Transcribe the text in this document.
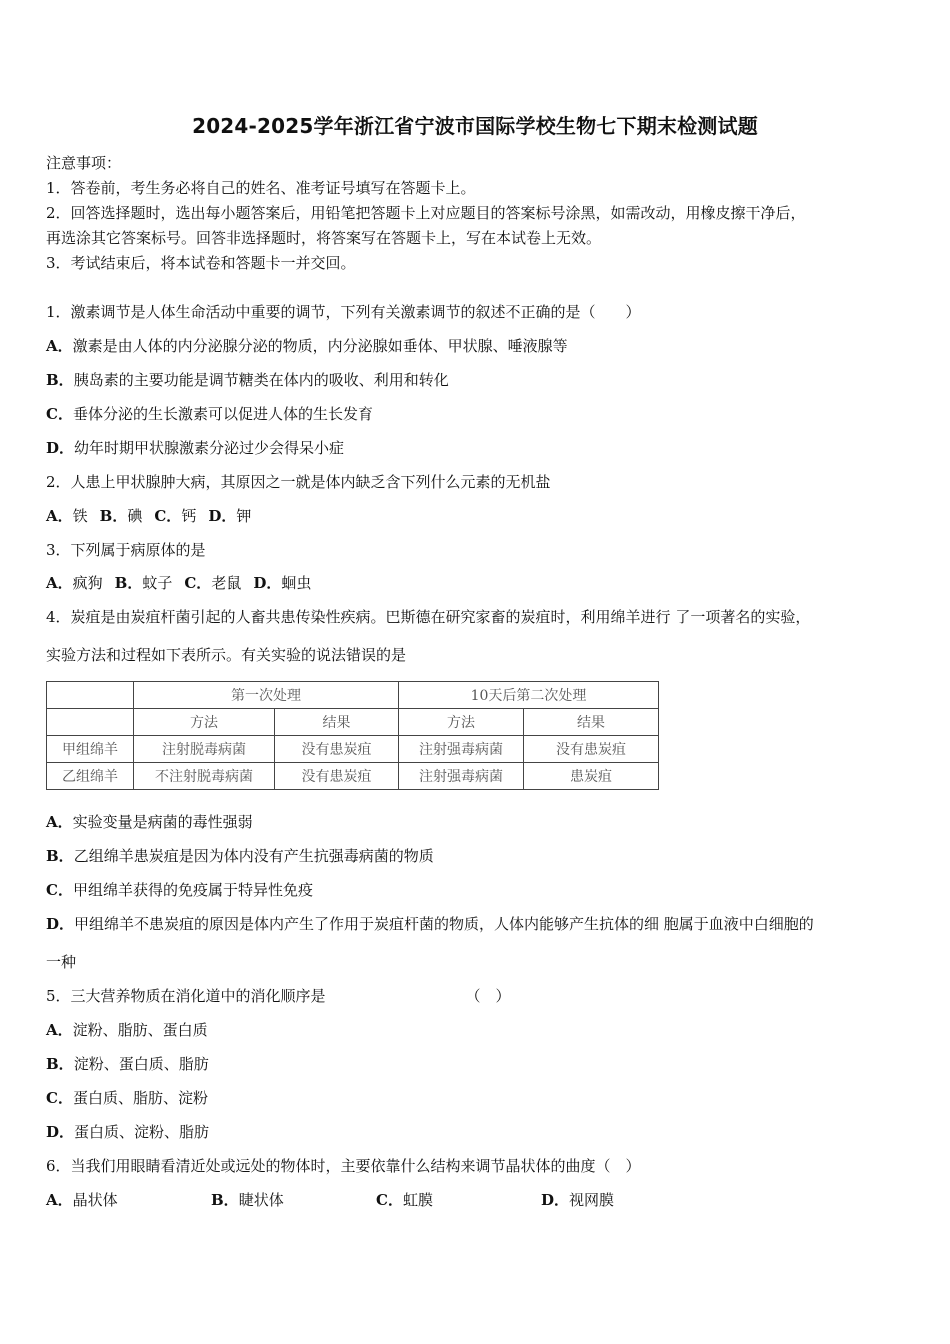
2024-2025学年浙江省宁波市国际学校生物七下期末检测试题
注意事项：
1．答卷前，考生务必将自己的姓名、准考证号填写在答题卡上。
2．回答选择题时，选出每小题答案后，用铅笔把答题卡上对应题目的答案标号涂黑，如需改动，用橡皮擦干净后，
再选涂其它答案标号。回答非选择题时，将答案写在答题卡上，写在本试卷上无效。
3．考试结束后，将本试卷和答题卡一并交回。
1．激素调节是人体生命活动中重要的调节，下列有关激素调节的叙述不正确的是（　　）
A．激素是由人体的内分泌腺分泌的物质，内分泌腺如垂体、甲状腺、唾液腺等
B．胰岛素的主要功能是调节糖类在体内的吸收、利用和转化
C．垂体分泌的生长激素可以促进人体的生长发育
D．幼年时期甲状腺激素分泌过少会得呆小症
2．人患上甲状腺肿大病，其原因之一就是体内缺乏含下列什么元素的无机盐
A．铁 B．碘 C．钙 D．钾
3．下列属于病原体的是
A．疯狗 B．蚊子 C．老鼠 D．蛔虫
4．炭疽是由炭疽杆菌引起的人畜共患传染性疾病。巴斯德在研究家畜的炭疽时，利用绵羊进行 了一项著名的实验，
实验方法和过程如下表所示。有关实验的说法错误的是
	第一次处理		10天后第二次处理	
	方法	结果	方法	结果
甲组绵羊	注射脱毒病菌	没有患炭疽	注射强毒病菌	没有患炭疽
乙组绵羊	不注射脱毒病菌	没有患炭疽	注射强毒病菌	患炭疽
A．实验变量是病菌的毒性强弱
B．乙组绵羊患炭疽是因为体内没有产生抗强毒病菌的物质
C．甲组绵羊获得的免疫属于特异性免疫
D．甲组绵羊不患炭疽的原因是体内产生了作用于炭疽杆菌的物质，人体内能够产生抗体的细 胞属于血液中白细胞的
一种
5．三大营养物质在消化道中的消化顺序是	（　）
A．淀粉、脂肪、蛋白质
B．淀粉、蛋白质、脂肪
C．蛋白质、脂肪、淀粉
D．蛋白质、淀粉、脂肪
6．当我们用眼睛看清近处或远处的物体时，主要依靠什么结构来调节晶状体的曲度（　）
A．晶状体	B．睫状体	C．虹膜	D．视网膜
